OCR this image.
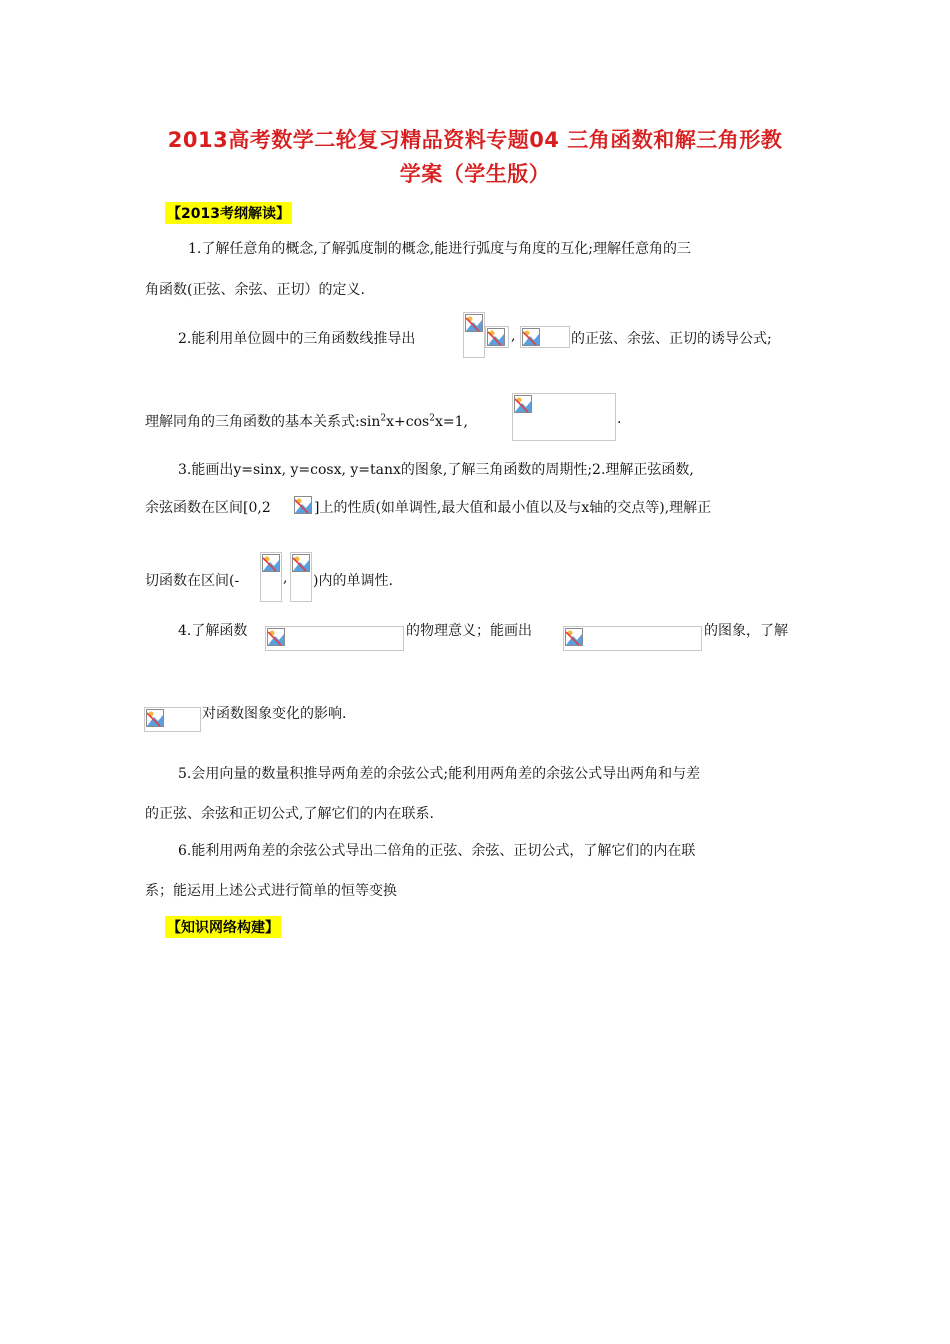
2013高考数学二轮复习精品资料专题04 三角函数和解三角形教
学案（学生版）
【2013考纲解读】
1.了解任意角的概念,了解弧度制的概念,能进行弧度与角度的互化;理解任意角的三
角函数(正弦、余弦、正切）的定义.
2.能利用单位圆中的三角函数线推导出	,	的正弦、余弦、正切的诱导公式;
理解同角的三角函数的基本关系式$:\sin^2x+\cos^2x=1$,	.
3.能画出y=sinx, y=cosx, y=tanx的图象,了解三角函数的周期性;2.理解正弦函数,
余弦函数在区间[0,2	]上的性质(如单调性,最大值和最小值以及与x轴的交点等),理解正
切函数在区间(-	, )内的单调性.
4.了解函数	的物理意义；能画出	的图象，了解
对函数图象变化的影响.
5.会用向量的数量积推导两角差的余弦公式;能利用两角差的余弦公式导出两角和与差
的正弦、余弦和正切公式,了解它们的内在联系.
6.能利用两角差的余弦公式导出二倍角的正弦、余弦、正切公式，了解它们的内在联
系；能运用上述公式进行简单的恒等变换
【知识网络构建】
